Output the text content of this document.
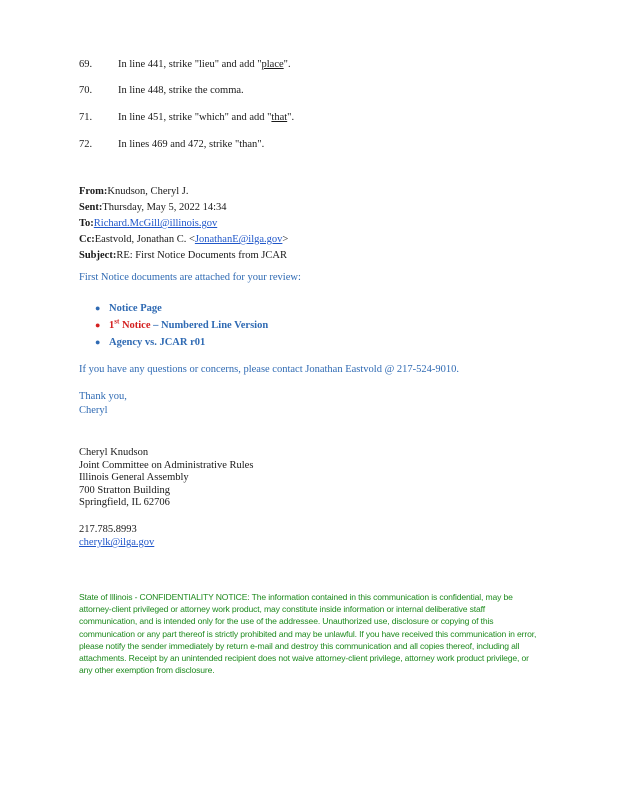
69. In line 441, strike "lieu" and add "place".
70. In line 448, strike the comma.
71. In line 451, strike "which" and add "that".
72. In lines 469 and 472, strike "than".
From:Knudson, Cheryl J.
Sent:Thursday, May 5, 2022 14:34
To:Richard.McGill@illinois.gov
Cc:Eastvold, Jonathan C. <JonathanE@ilga.gov>
Subject:RE: First Notice Documents from JCAR
First Notice documents are attached for your review:
● Notice Page
● 1st Notice – Numbered Line Version
● Agency vs. JCAR r01
If you have any questions or concerns, please contact Jonathan Eastvold @ 217-524-9010.
Thank you,
Cheryl
Cheryl Knudson
Joint Committee on Administrative Rules
Illinois General Assembly
700 Stratton Building
Springfield, IL 62706
217.785.8993
cherylk@ilga.gov
State of Illinois - CONFIDENTIALITY NOTICE: The information contained in this communication is confidential, may be attorney-client privileged or attorney work product, may constitute inside information or internal deliberative staff communication, and is intended only for the use of the addressee. Unauthorized use, disclosure or copying of this communication or any part thereof is strictly prohibited and may be unlawful. If you have received this communication in error, please notify the sender immediately by return e-mail and destroy this communication and all copies thereof, including all attachments. Receipt by an unintended recipient does not waive attorney-client privilege, attorney work product privilege, or any other exemption from disclosure.
